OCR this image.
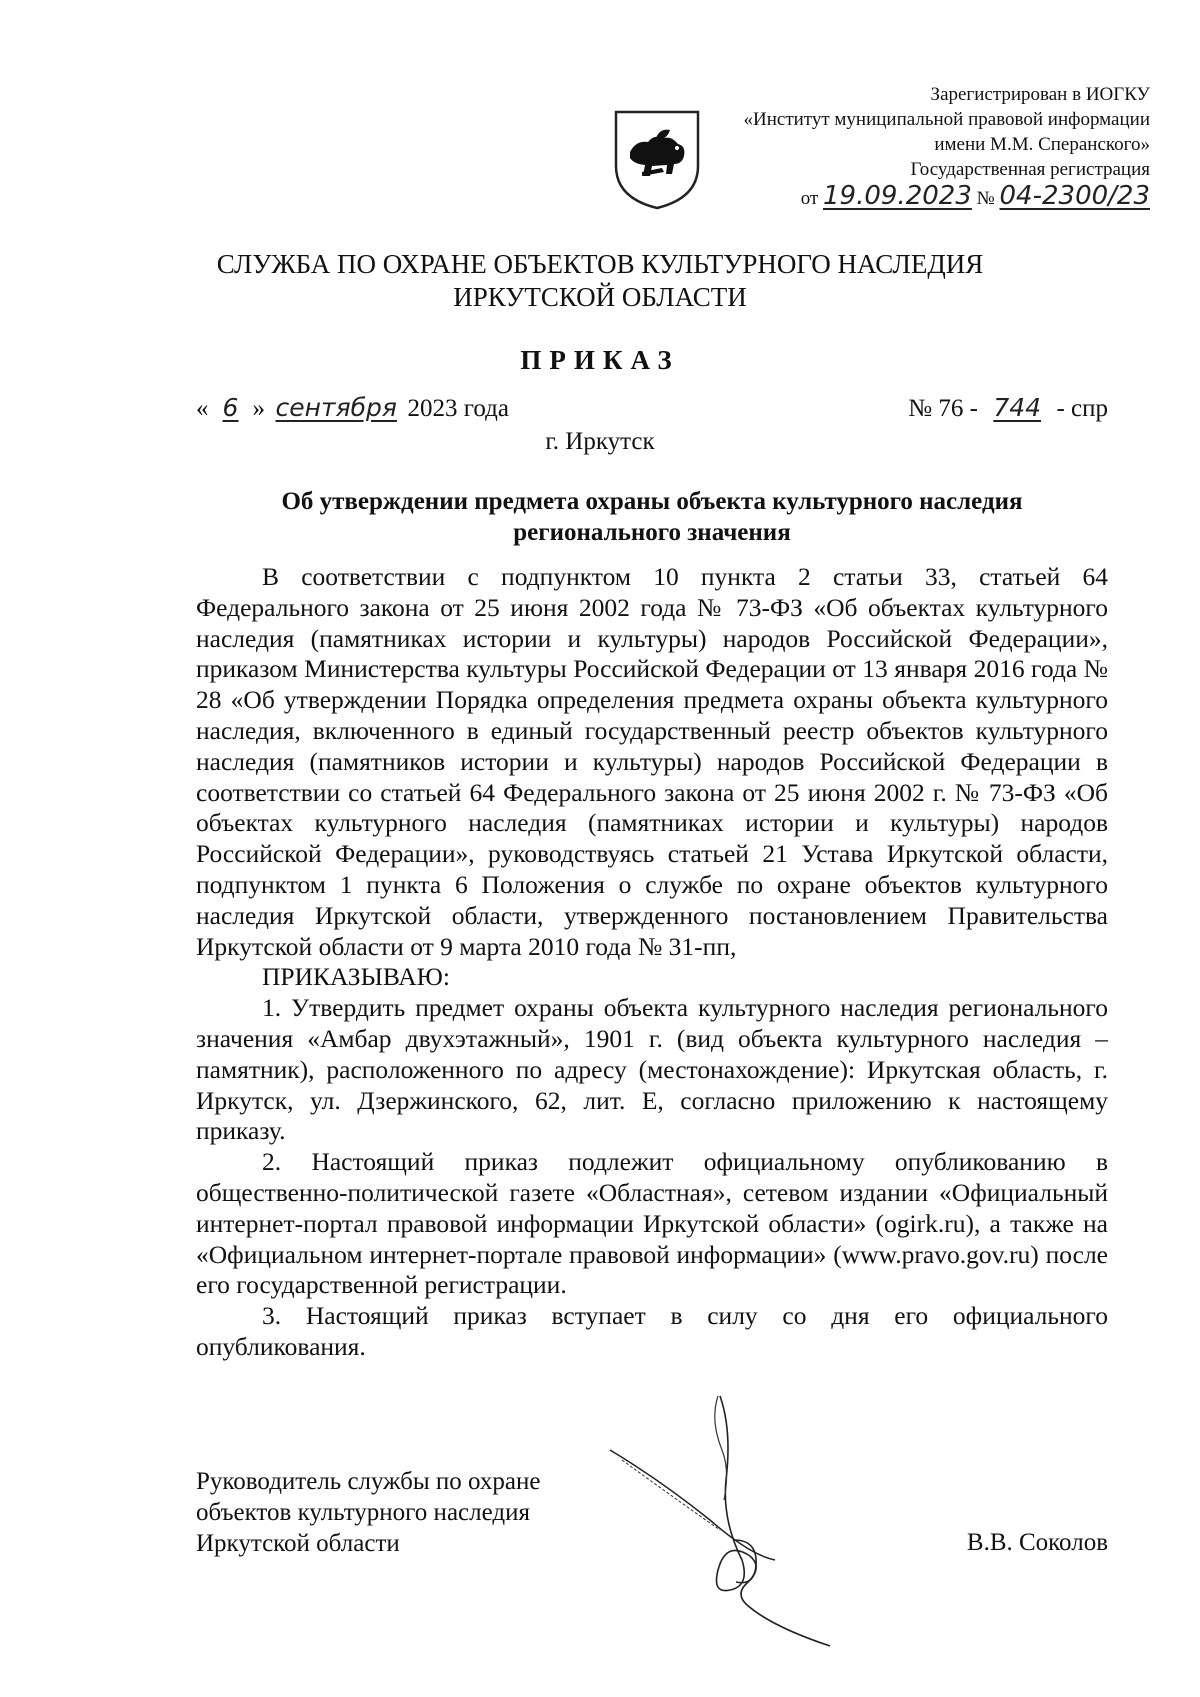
Зарегистрирован в ИОГКУ
«Институт муниципальной правовой информации
имени М.М. Сперанского»
Государственная регистрация
от 19.09.2023 № 04-2300/23
СЛУЖБА ПО ОХРАНЕ ОБЪЕКТОВ КУЛЬТУРНОГО НАСЛЕДИЯ
ИРКУТСКОЙ ОБЛАСТИ
ПРИКАЗ
« 6 » сентября 2023 года	№ 76 - 744 - спр
г. Иркутск
Об утверждении предмета охраны объекта культурного наследия
регионального значения

В соответствии с подпунктом 10 пункта 2 статьи 33, статьей 64 Федерального закона от 25 июня 2002 года № 73-ФЗ «Об объектах культурного наследия (памятниках истории и культуры) народов Российской Федерации», приказом Министерства культуры Российской Федерации от 13 января 2016 года № 28 «Об утверждении Порядка определения предмета охраны объекта культурного наследия, включенного в единый государственный реестр объектов культурного наследия (памятников истории и культуры) народов Российской Федерации в соответствии со статьей 64 Федерального закона от 25 июня 2002 г. № 73-ФЗ «Об объектах культурного наследия (памятниках истории и культуры) народов Российской Федерации», руководствуясь статьей 21 Устава Иркутской области, подпунктом 1 пункта 6 Положения о службе по охране объектов культурного наследия Иркутской области, утвержденного постановлением Правительства Иркутской области от 9 марта 2010 года № 31-пп,

ПРИКАЗЫВАЮ:

1. Утвердить предмет охраны объекта культурного наследия регионального значения «Амбар двухэтажный», 1901 г. (вид объекта культурного наследия – памятник), расположенного по адресу (местонахождение): Иркутская область, г. Иркутск, ул. Дзержинского, 62, лит. Е, согласно приложению к настоящему приказу.

2. Настоящий приказ подлежит официальному опубликованию в общественно-политической газете «Областная», сетевом издании «Официальный интернет-портал правовой информации Иркутской области» (ogirk.ru), а также на «Официальном интернет-портале правовой информации» (www.pravo.gov.ru) после его государственной регистрации.

3. Настоящий приказ вступает в силу со дня его официального опубликования.

Руководитель службы по охране
объектов культурного наследия
Иркутской области	В.В. Соколов
